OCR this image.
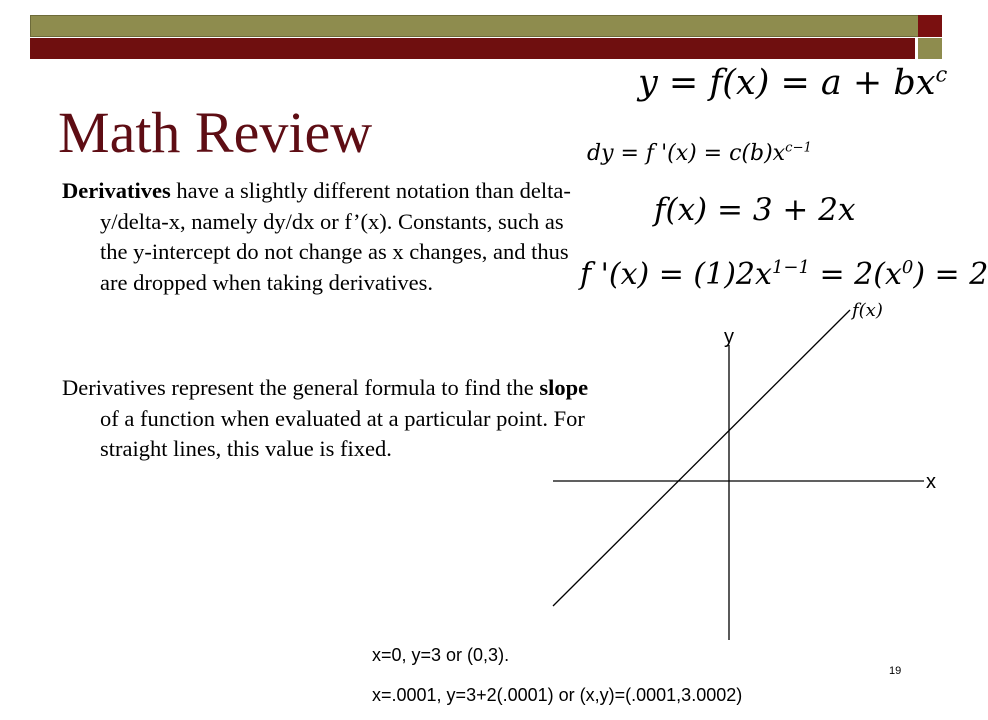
Math Review
Derivatives have a slightly different notation than delta-y/delta-x, namely dy/dx or f’(x). Constants, such as the y-intercept do not change as x changes, and thus are dropped when taking derivatives.
Derivatives represent the general formula to find the slope of a function when evaluated at a particular point. For straight lines, this value is fixed.
$y = f(x) = a + bx^c$
dy = f '$(x) = c(b)x^{c-1}$
f(x) = 3 + 2x
f '$(x) = (1)2x^{1-1} = 2(x^0) = 2$
f(x)
y
x
x=0, y=3 or (0,3).
19
x=.0001, y=3+2(.0001) or (x,y)=(.0001,3.0002)
